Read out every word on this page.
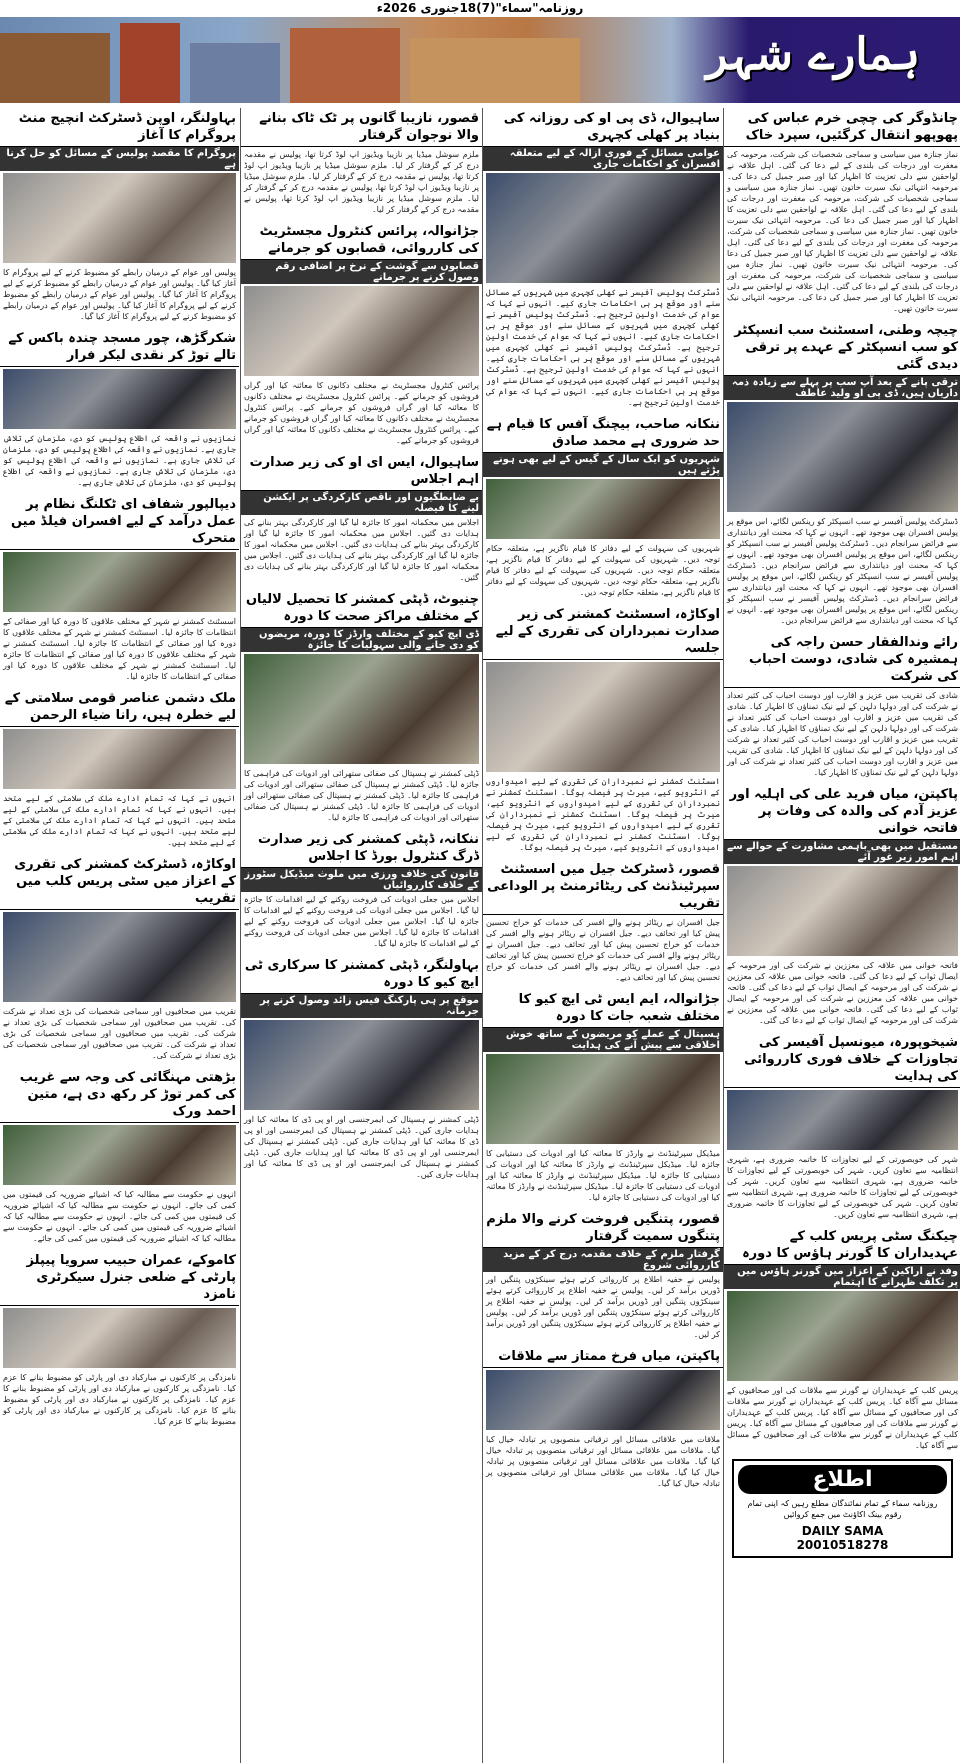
روزنامہ"سماء"(7)18جنوری 2026ء
ہمارے شہر
چانڈوگر کی چچی خرم عباس کی پھوپھو انتقال کرگئیں، سپرد خاک
نماز جنازہ میں سیاسی و سماجی شخصیات کی شرکت، مرحومہ کی مغفرت اور درجات کی بلندی کے لیے دعا کی گئی۔ اہل علاقہ نے لواحقین سے دلی تعزیت کا اظہار کیا اور صبر جمیل کی دعا کی۔ مرحومہ انتہائی نیک سیرت خاتون تھیں۔ نماز جنازہ میں سیاسی و سماجی شخصیات کی شرکت، مرحومہ کی مغفرت اور درجات کی بلندی کے لیے دعا کی گئی۔ اہل علاقہ نے لواحقین سے دلی تعزیت کا اظہار کیا اور صبر جمیل کی دعا کی۔ مرحومہ انتہائی نیک سیرت خاتون تھیں۔ نماز جنازہ میں سیاسی و سماجی شخصیات کی شرکت، مرحومہ کی مغفرت اور درجات کی بلندی کے لیے دعا کی گئی۔ اہل علاقہ نے لواحقین سے دلی تعزیت کا اظہار کیا اور صبر جمیل کی دعا کی۔ مرحومہ انتہائی نیک سیرت خاتون تھیں۔ نماز جنازہ میں سیاسی و سماجی شخصیات کی شرکت، مرحومہ کی مغفرت اور درجات کی بلندی کے لیے دعا کی گئی۔ اہل علاقہ نے لواحقین سے دلی تعزیت کا اظہار کیا اور صبر جمیل کی دعا کی۔ مرحومہ انتہائی نیک سیرت خاتون تھیں۔
چیچہ وطنی، اسسٹنٹ سب انسپکٹر کو سب انسپکٹر کے عہدے پر ترقی دیدی گئی
ترقی پانے کے بعد آپ سب پر پہلے سے زیادہ ذمہ داریاں ہیں، ڈی پی او ولید عاطف
ڈسٹرکٹ پولیس آفیسر نے سب انسپکٹر کو رینکس لگائے، اس موقع پر پولیس افسران بھی موجود تھے۔ انہوں نے کہا کہ محنت اور دیانتداری سے فرائض سرانجام دیں۔ ڈسٹرکٹ پولیس آفیسر نے سب انسپکٹر کو رینکس لگائے، اس موقع پر پولیس افسران بھی موجود تھے۔ انہوں نے کہا کہ محنت اور دیانتداری سے فرائض سرانجام دیں۔ ڈسٹرکٹ پولیس آفیسر نے سب انسپکٹر کو رینکس لگائے، اس موقع پر پولیس افسران بھی موجود تھے۔ انہوں نے کہا کہ محنت اور دیانتداری سے فرائض سرانجام دیں۔ ڈسٹرکٹ پولیس آفیسر نے سب انسپکٹر کو رینکس لگائے، اس موقع پر پولیس افسران بھی موجود تھے۔ انہوں نے کہا کہ محنت اور دیانتداری سے فرائض سرانجام دیں۔
رائے وندالفقار حسن راجہ کی ہمشیرہ کی شادی، دوست احباب کی شرکت
شادی کی تقریب میں عزیز و اقارب اور دوست احباب کی کثیر تعداد نے شرکت کی اور دولہا دلہن کے لیے نیک تمناؤں کا اظہار کیا۔ شادی کی تقریب میں عزیز و اقارب اور دوست احباب کی کثیر تعداد نے شرکت کی اور دولہا دلہن کے لیے نیک تمناؤں کا اظہار کیا۔ شادی کی تقریب میں عزیز و اقارب اور دوست احباب کی کثیر تعداد نے شرکت کی اور دولہا دلہن کے لیے نیک تمناؤں کا اظہار کیا۔ شادی کی تقریب میں عزیز و اقارب اور دوست احباب کی کثیر تعداد نے شرکت کی اور دولہا دلہن کے لیے نیک تمناؤں کا اظہار کیا۔
پاکپتن، میاں فرید علی کی اہلیہ اور عزیز آدم کی والدہ کی وفات پر فاتحہ خوانی
مستقبل میں بھی باہمی مشاورت کے حوالے سے اہم امور زیر غور آئے
فاتحہ خوانی میں علاقہ کی معززین نے شرکت کی اور مرحومہ کے ایصال ثواب کے لیے دعا کی گئی۔ فاتحہ خوانی میں علاقہ کی معززین نے شرکت کی اور مرحومہ کے ایصال ثواب کے لیے دعا کی گئی۔ فاتحہ خوانی میں علاقہ کی معززین نے شرکت کی اور مرحومہ کے ایصال ثواب کے لیے دعا کی گئی۔ فاتحہ خوانی میں علاقہ کی معززین نے شرکت کی اور مرحومہ کے ایصال ثواب کے لیے دعا کی گئی۔
شیخوپورہ، میونسپل آفیسر کی تجاوزات کے خلاف فوری کارروائی کی ہدایت
شہر کی خوبصورتی کے لیے تجاوزات کا خاتمہ ضروری ہے، شہری انتظامیہ سے تعاون کریں۔ شہر کی خوبصورتی کے لیے تجاوزات کا خاتمہ ضروری ہے، شہری انتظامیہ سے تعاون کریں۔ شہر کی خوبصورتی کے لیے تجاوزات کا خاتمہ ضروری ہے، شہری انتظامیہ سے تعاون کریں۔ شہر کی خوبصورتی کے لیے تجاوزات کا خاتمہ ضروری ہے، شہری انتظامیہ سے تعاون کریں۔
چیکنگ سٹی پریس کلب کے عہدیداران کا گورنر ہاؤس کا دورہ
وفد نے اراکین کے اعزاز میں گورنر ہاؤس میں پر تکلف ظہرانے کا اہتمام
پریس کلب کے عہدیداران نے گورنر سے ملاقات کی اور صحافیوں کے مسائل سے آگاہ کیا۔ پریس کلب کے عہدیداران نے گورنر سے ملاقات کی اور صحافیوں کے مسائل سے آگاہ کیا۔ پریس کلب کے عہدیداران نے گورنر سے ملاقات کی اور صحافیوں کے مسائل سے آگاہ کیا۔ پریس کلب کے عہدیداران نے گورنر سے ملاقات کی اور صحافیوں کے مسائل سے آگاہ کیا۔
اطلاع
روزنامہ سماء کے تمام نمائندگان مطلع رہیں کہ اپنی تمام رقوم بینک اکاؤنٹ میں جمع کروائیں
DAILY SAMA
20010518278
ساہیوال، ڈی پی او کی روزانہ کی بنیاد پر کھلی کچہری
عوامی مسائل کے فوری ازالہ کے لیے متعلقہ افسران کو احکامات جاری
ڈسٹرکٹ پولیس آفیسر نے کھلی کچہری میں شہریوں کے مسائل سنے اور موقع پر ہی احکامات جاری کیے۔ انہوں نے کہا کہ عوام کی خدمت اولین ترجیح ہے۔ ڈسٹرکٹ پولیس آفیسر نے کھلی کچہری میں شہریوں کے مسائل سنے اور موقع پر ہی احکامات جاری کیے۔ انہوں نے کہا کہ عوام کی خدمت اولین ترجیح ہے۔ ڈسٹرکٹ پولیس آفیسر نے کھلی کچہری میں شہریوں کے مسائل سنے اور موقع پر ہی احکامات جاری کیے۔ انہوں نے کہا کہ عوام کی خدمت اولین ترجیح ہے۔ ڈسٹرکٹ پولیس آفیسر نے کھلی کچہری میں شہریوں کے مسائل سنے اور موقع پر ہی احکامات جاری کیے۔ انہوں نے کہا کہ عوام کی خدمت اولین ترجیح ہے۔
ننکانہ صاحب، بیچنگ آفس کا قیام ہے حد ضروری ہے محمد صادق
شہریوں کو ایک سال کے گیس کے لیے بھی ہونے پڑتے ہیں
شہریوں کی سہولت کے لیے دفاتر کا قیام ناگزیر ہے، متعلقہ حکام توجہ دیں۔ شہریوں کی سہولت کے لیے دفاتر کا قیام ناگزیر ہے، متعلقہ حکام توجہ دیں۔ شہریوں کی سہولت کے لیے دفاتر کا قیام ناگزیر ہے، متعلقہ حکام توجہ دیں۔ شہریوں کی سہولت کے لیے دفاتر کا قیام ناگزیر ہے، متعلقہ حکام توجہ دیں۔
اوکاڑہ، اسسٹنٹ کمشنر کی زیر صدارت نمبرداران کی تقرری کے لیے جلسہ
اسسٹنٹ کمشنر نے نمبرداران کی تقرری کے لیے امیدواروں کے انٹرویو کیے، میرٹ پر فیصلہ ہوگا۔ اسسٹنٹ کمشنر نے نمبرداران کی تقرری کے لیے امیدواروں کے انٹرویو کیے، میرٹ پر فیصلہ ہوگا۔ اسسٹنٹ کمشنر نے نمبرداران کی تقرری کے لیے امیدواروں کے انٹرویو کیے، میرٹ پر فیصلہ ہوگا۔ اسسٹنٹ کمشنر نے نمبرداران کی تقرری کے لیے امیدواروں کے انٹرویو کیے، میرٹ پر فیصلہ ہوگا۔
قصور، ڈسٹرکٹ جیل میں اسسٹنٹ سپرٹینڈنٹ کی ریٹائرمنٹ پر الوداعی تقریب
جیل افسران نے ریٹائر ہونے والے افسر کی خدمات کو خراج تحسین پیش کیا اور تحائف دیے۔ جیل افسران نے ریٹائر ہونے والے افسر کی خدمات کو خراج تحسین پیش کیا اور تحائف دیے۔ جیل افسران نے ریٹائر ہونے والے افسر کی خدمات کو خراج تحسین پیش کیا اور تحائف دیے۔ جیل افسران نے ریٹائر ہونے والے افسر کی خدمات کو خراج تحسین پیش کیا اور تحائف دیے۔
جڑانوالہ، ایم ایس ٹی ایچ کیو کا مختلف شعبہ جات کا دورہ
ہسپتال کے عملے کو مریضوں کے ساتھ خوش اخلاقی سے پیش آنے کی ہدایت
میڈیکل سپرٹینڈنٹ نے وارڈز کا معائنہ کیا اور ادویات کی دستیابی کا جائزہ لیا۔ میڈیکل سپرٹینڈنٹ نے وارڈز کا معائنہ کیا اور ادویات کی دستیابی کا جائزہ لیا۔ میڈیکل سپرٹینڈنٹ نے وارڈز کا معائنہ کیا اور ادویات کی دستیابی کا جائزہ لیا۔ میڈیکل سپرٹینڈنٹ نے وارڈز کا معائنہ کیا اور ادویات کی دستیابی کا جائزہ لیا۔
قصور، پتنگیں فروخت کرنے والا ملزم پتنگوں سمیت گرفتار
گرفتار ملزم کے خلاف مقدمہ درج کر کے مزید کارروائی شروع
پولیس نے خفیہ اطلاع پر کارروائی کرتے ہوئے سینکڑوں پتنگیں اور ڈوریں برآمد کر لیں۔ پولیس نے خفیہ اطلاع پر کارروائی کرتے ہوئے سینکڑوں پتنگیں اور ڈوریں برآمد کر لیں۔ پولیس نے خفیہ اطلاع پر کارروائی کرتے ہوئے سینکڑوں پتنگیں اور ڈوریں برآمد کر لیں۔ پولیس نے خفیہ اطلاع پر کارروائی کرتے ہوئے سینکڑوں پتنگیں اور ڈوریں برآمد کر لیں۔
پاکپتن، میاں فرخ ممتاز سے ملاقات
ملاقات میں علاقائی مسائل اور ترقیاتی منصوبوں پر تبادلہ خیال کیا گیا۔ ملاقات میں علاقائی مسائل اور ترقیاتی منصوبوں پر تبادلہ خیال کیا گیا۔ ملاقات میں علاقائی مسائل اور ترقیاتی منصوبوں پر تبادلہ خیال کیا گیا۔ ملاقات میں علاقائی مسائل اور ترقیاتی منصوبوں پر تبادلہ خیال کیا گیا۔
قصور، نازیبا گانوں پر ٹک ٹاک بنانے والا نوجوان گرفتار
ملزم سوشل میڈیا پر نازیبا ویڈیوز اپ لوڈ کرتا تھا، پولیس نے مقدمہ درج کر کے گرفتار کر لیا۔ ملزم سوشل میڈیا پر نازیبا ویڈیوز اپ لوڈ کرتا تھا، پولیس نے مقدمہ درج کر کے گرفتار کر لیا۔ ملزم سوشل میڈیا پر نازیبا ویڈیوز اپ لوڈ کرتا تھا، پولیس نے مقدمہ درج کر کے گرفتار کر لیا۔ ملزم سوشل میڈیا پر نازیبا ویڈیوز اپ لوڈ کرتا تھا، پولیس نے مقدمہ درج کر کے گرفتار کر لیا۔
جڑانوالہ، پرائس کنٹرول مجسٹریٹ کی کارروائی، قصابوں کو جرمانے
قصابوں سے گوشت کے نرخ پر اضافی رقم وصول کرنے پر جرمانے
پرائس کنٹرول مجسٹریٹ نے مختلف دکانوں کا معائنہ کیا اور گراں فروشوں کو جرمانے کیے۔ پرائس کنٹرول مجسٹریٹ نے مختلف دکانوں کا معائنہ کیا اور گراں فروشوں کو جرمانے کیے۔ پرائس کنٹرول مجسٹریٹ نے مختلف دکانوں کا معائنہ کیا اور گراں فروشوں کو جرمانے کیے۔ پرائس کنٹرول مجسٹریٹ نے مختلف دکانوں کا معائنہ کیا اور گراں فروشوں کو جرمانے کیے۔
ساہیوال، ایس ای او کی زیر صدارت اہم اجلاس
بے ضابطگیوں اور ناقص کارکردگی پر ایکشن لینے کا فیصلہ
اجلاس میں محکمانہ امور کا جائزہ لیا گیا اور کارکردگی بہتر بنانے کی ہدایات دی گئیں۔ اجلاس میں محکمانہ امور کا جائزہ لیا گیا اور کارکردگی بہتر بنانے کی ہدایات دی گئیں۔ اجلاس میں محکمانہ امور کا جائزہ لیا گیا اور کارکردگی بہتر بنانے کی ہدایات دی گئیں۔ اجلاس میں محکمانہ امور کا جائزہ لیا گیا اور کارکردگی بہتر بنانے کی ہدایات دی گئیں۔
چنیوٹ، ڈپٹی کمشنر کا تحصیل لالیاں کے مختلف مراکز صحت کا دورہ
ڈی ایچ کیو کے مختلف وارڈز کا دورہ، مریضوں کو دی جانے والی سہولیات کا جائزہ
ڈپٹی کمشنر نے ہسپتال کی صفائی ستھرائی اور ادویات کی فراہمی کا جائزہ لیا۔ ڈپٹی کمشنر نے ہسپتال کی صفائی ستھرائی اور ادویات کی فراہمی کا جائزہ لیا۔ ڈپٹی کمشنر نے ہسپتال کی صفائی ستھرائی اور ادویات کی فراہمی کا جائزہ لیا۔ ڈپٹی کمشنر نے ہسپتال کی صفائی ستھرائی اور ادویات کی فراہمی کا جائزہ لیا۔
ننکانہ، ڈپٹی کمشنر کی زیر صدارت ڈرگ کنٹرول بورڈ کا اجلاس
قانون کی خلاف ورزی میں ملوث میڈیکل سٹورز کے خلاف کارروائیاں
اجلاس میں جعلی ادویات کی فروخت روکنے کے لیے اقدامات کا جائزہ لیا گیا۔ اجلاس میں جعلی ادویات کی فروخت روکنے کے لیے اقدامات کا جائزہ لیا گیا۔ اجلاس میں جعلی ادویات کی فروخت روکنے کے لیے اقدامات کا جائزہ لیا گیا۔ اجلاس میں جعلی ادویات کی فروخت روکنے کے لیے اقدامات کا جائزہ لیا گیا۔
بہاولنگر، ڈپٹی کمشنر کا سرکاری ٹی ایچ کیو کا دورہ
موقع پر ہی پارکنگ فیس زائد وصول کرنے پر جرمانہ
ڈپٹی کمشنر نے ہسپتال کی ایمرجنسی اور او پی ڈی کا معائنہ کیا اور ہدایات جاری کیں۔ ڈپٹی کمشنر نے ہسپتال کی ایمرجنسی اور او پی ڈی کا معائنہ کیا اور ہدایات جاری کیں۔ ڈپٹی کمشنر نے ہسپتال کی ایمرجنسی اور او پی ڈی کا معائنہ کیا اور ہدایات جاری کیں۔ ڈپٹی کمشنر نے ہسپتال کی ایمرجنسی اور او پی ڈی کا معائنہ کیا اور ہدایات جاری کیں۔
بہاولنگر، اوپن ڈسٹرکٹ انچیج منٹ پروگرام کا آغاز
پروگرام کا مقصد پولیس کے مسائل کو حل کرنا ہے
پولیس اور عوام کے درمیان رابطے کو مضبوط کرنے کے لیے پروگرام کا آغاز کیا گیا۔ پولیس اور عوام کے درمیان رابطے کو مضبوط کرنے کے لیے پروگرام کا آغاز کیا گیا۔ پولیس اور عوام کے درمیان رابطے کو مضبوط کرنے کے لیے پروگرام کا آغاز کیا گیا۔ پولیس اور عوام کے درمیان رابطے کو مضبوط کرنے کے لیے پروگرام کا آغاز کیا گیا۔
شکرگڑھ، چور مسجد چندہ باکس کے تالے توڑ کر نقدی لیکر فرار
نمازیوں نے واقعہ کی اطلاع پولیس کو دی، ملزمان کی تلاش جاری ہے۔ نمازیوں نے واقعہ کی اطلاع پولیس کو دی، ملزمان کی تلاش جاری ہے۔ نمازیوں نے واقعہ کی اطلاع پولیس کو دی، ملزمان کی تلاش جاری ہے۔ نمازیوں نے واقعہ کی اطلاع پولیس کو دی، ملزمان کی تلاش جاری ہے۔
دیپالپور شفاف ای ٹکلنگ نظام پر عمل درآمد کے لیے افسران فیلڈ میں متحرک
اسسٹنٹ کمشنر نے شہر کے مختلف علاقوں کا دورہ کیا اور صفائی کے انتظامات کا جائزہ لیا۔ اسسٹنٹ کمشنر نے شہر کے مختلف علاقوں کا دورہ کیا اور صفائی کے انتظامات کا جائزہ لیا۔ اسسٹنٹ کمشنر نے شہر کے مختلف علاقوں کا دورہ کیا اور صفائی کے انتظامات کا جائزہ لیا۔ اسسٹنٹ کمشنر نے شہر کے مختلف علاقوں کا دورہ کیا اور صفائی کے انتظامات کا جائزہ لیا۔
ملک دشمن عناصر قومی سلامتی کے لیے خطرہ ہیں، رانا ضیاء الرحمن
انہوں نے کہا کہ تمام ادارے ملک کی سلامتی کے لیے متحد ہیں۔ انہوں نے کہا کہ تمام ادارے ملک کی سلامتی کے لیے متحد ہیں۔ انہوں نے کہا کہ تمام ادارے ملک کی سلامتی کے لیے متحد ہیں۔ انہوں نے کہا کہ تمام ادارے ملک کی سلامتی کے لیے متحد ہیں۔
اوکاڑہ، ڈسٹرکٹ کمشنر کی تقرری کے اعزاز میں سٹی پریس کلب میں تقریب
تقریب میں صحافیوں اور سماجی شخصیات کی بڑی تعداد نے شرکت کی۔ تقریب میں صحافیوں اور سماجی شخصیات کی بڑی تعداد نے شرکت کی۔ تقریب میں صحافیوں اور سماجی شخصیات کی بڑی تعداد نے شرکت کی۔ تقریب میں صحافیوں اور سماجی شخصیات کی بڑی تعداد نے شرکت کی۔
بڑھتی مہنگائی کی وجہ سے غریب کی کمر توڑ کر رکھ دی ہے، متین احمد ورک
انہوں نے حکومت سے مطالبہ کیا کہ اشیائے ضروریہ کی قیمتوں میں کمی کی جائے۔ انہوں نے حکومت سے مطالبہ کیا کہ اشیائے ضروریہ کی قیمتوں میں کمی کی جائے۔ انہوں نے حکومت سے مطالبہ کیا کہ اشیائے ضروریہ کی قیمتوں میں کمی کی جائے۔ انہوں نے حکومت سے مطالبہ کیا کہ اشیائے ضروریہ کی قیمتوں میں کمی کی جائے۔
کاموکے، عمران حبیب سرویا پیپلز پارٹی کے ضلعی جنرل سیکرٹری نامزد
نامزدگی پر کارکنوں نے مبارکباد دی اور پارٹی کو مضبوط بنانے کا عزم کیا۔ نامزدگی پر کارکنوں نے مبارکباد دی اور پارٹی کو مضبوط بنانے کا عزم کیا۔ نامزدگی پر کارکنوں نے مبارکباد دی اور پارٹی کو مضبوط بنانے کا عزم کیا۔ نامزدگی پر کارکنوں نے مبارکباد دی اور پارٹی کو مضبوط بنانے کا عزم کیا۔
